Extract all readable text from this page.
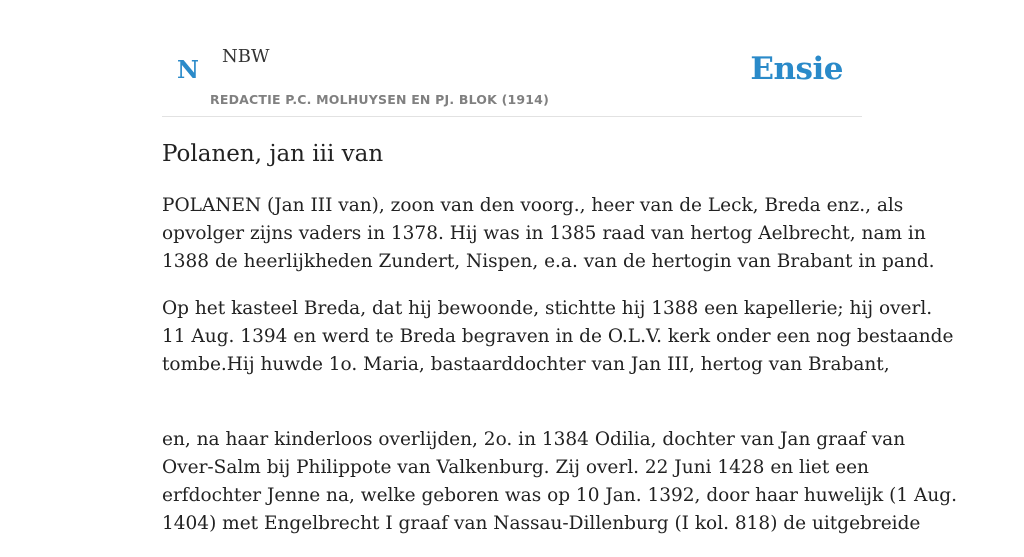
N NBW
REDACTIE P.C. MOLHUYSEN EN PJ. BLOK (1914)
Ensie
Polanen, jan iii van

POLANEN (Jan III van), zoon van den voorg., heer van de Leck, Breda enz., als
opvolger zijns vaders in 1378. Hij was in 1385 raad van hertog Aelbrecht, nam in
1388 de heerlijkheden Zundert, Nispen, e.a. van de hertogin van Brabant in pand.

Op het kasteel Breda, dat hij bewoonde, stichtte hij 1388 een kapellerie; hij overl.
11 Aug. 1394 en werd te Breda begraven in de O.L.V. kerk onder een nog bestaande
tombe.Hij huwde 1o. Maria, bastaarddochter van Jan III, hertog van Brabant,

en, na haar kinderloos overlijden, 2o. in 1384 Odilia, dochter van Jan graaf van
Over-Salm bij Philippote van Valkenburg. Zij overl. 22 Juni 1428 en liet een
erfdochter Jenne na, welke geboren was op 10 Jan. 1392, door haar huwelijk (1 Aug.
1404) met Engelbrecht I graaf van Nassau-Dillenburg (I kol. 818) de uitgebreide
